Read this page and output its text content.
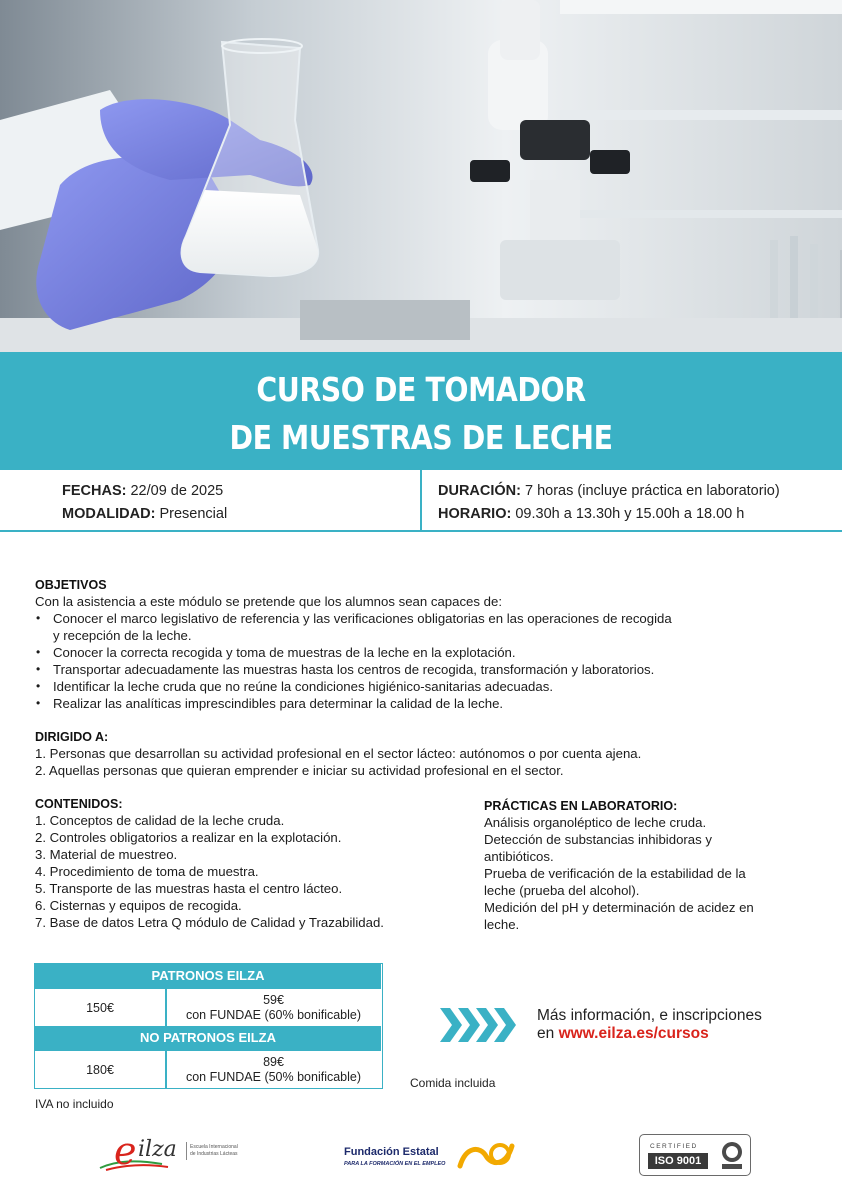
CURSO DE TOMADOR
DE MUESTRAS DE LECHE
FECHAS: 22/09 de 2025
MODALIDAD: Presencial
DURACIÓN: 7 horas (incluye práctica en laboratorio)
HORARIO: 09.30h a 13.30h y 15.00h a 18.00 h
OBJETIVOS
Con la asistencia a este módulo se pretende que los alumnos sean capaces de:
• Conocer el marco legislativo de referencia y las verificaciones obligatorias en las operaciones de recogida
y recepción de la leche.
• Conocer la correcta recogida y toma de muestras de la leche en la explotación.
• Transportar adecuadamente las muestras hasta los centros de recogida, transformación y laboratorios.
• Identificar la leche cruda que no reúne la condiciones higiénico-sanitarias adecuadas.
• Realizar las analíticas imprescindibles para determinar la calidad de la leche.
DIRIGIDO A:
1. Personas que desarrollan su actividad profesional en el sector lácteo: autónomos o por cuenta ajena.
2. Aquellas personas que quieran emprender e iniciar su actividad profesional en el sector.
CONTENIDOS:
1. Conceptos de calidad de la leche cruda.
2. Controles obligatorios a realizar en la explotación.
3. Material de muestreo.
4. Procedimiento de toma de muestra.
5. Transporte de las muestras hasta el centro lácteo.
6. Cisternas y equipos de recogida.
7. Base de datos Letra Q módulo de Calidad y Trazabilidad.
PRÁCTICAS EN LABORATORIO:
Análisis organoléptico de leche cruda.
Detección de substancias inhibidoras y
antibióticos.
Prueba de verificación de la estabilidad de la
leche (prueba del alcohol).
Medición del pH y determinación de acidez en
leche.
PATRONOS EILZA
150€
59€
con FUNDAE (60% bonificable)
NO PATRONOS EILZA
180€
89€
con FUNDAE (50% bonificable)
IVA no incluido
Comida incluida
Más información, e inscripciones
en www.eilza.es/cursos
e ilza	Escuela Internacional
de Industrias Lácteas	Fundación Estatal
PARA LA FORMACIÓN EN EL EMPLEO
CERTIFIED
ISO 9001
